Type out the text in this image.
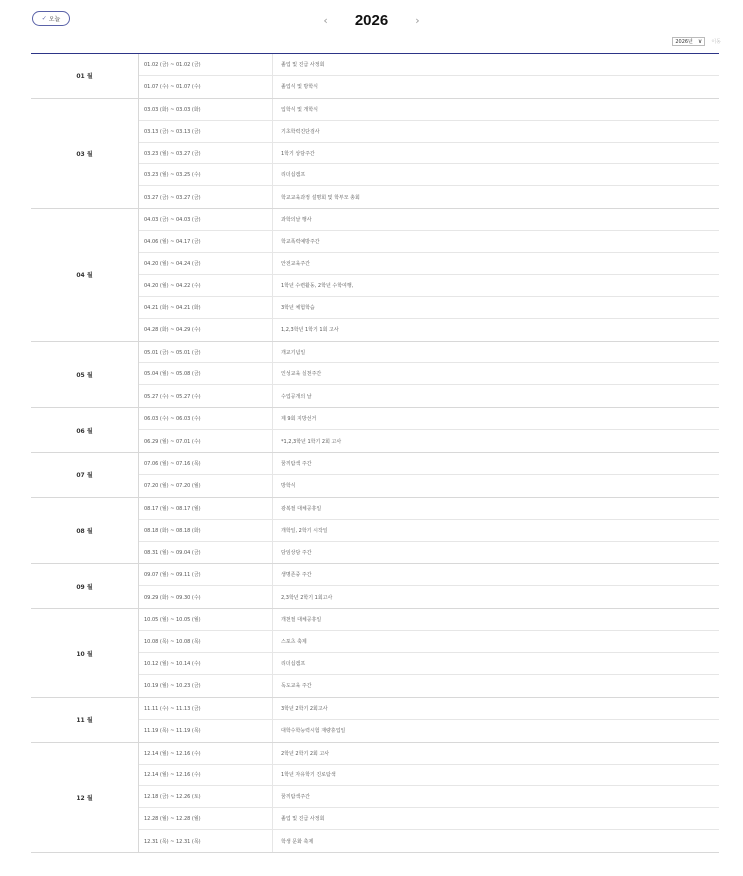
✓ 오늘	‹ 2026 ›
2026년 ∨ 이동
01 월
01.02 (금) ~ 01.02 (금)	졸업 및 진급 사정회
01.07 (수) ~ 01.07 (수)	졸업식 및 방학식
03 월
03.03 (화) ~ 03.03 (화)	입학식 및 개학식
03.13 (금) ~ 03.13 (금)	기초학력진단검사
03.23 (월) ~ 03.27 (금)	1학기 상담주간
03.23 (월) ~ 03.25 (수)	리더십캠프
03.27 (금) ~ 03.27 (금)	학교교육과정 설명회 및 학부모 총회
04 월
04.03 (금) ~ 04.03 (금)	과학의날 행사
04.06 (월) ~ 04.17 (금)	학교폭력예방주간
04.20 (월) ~ 04.24 (금)	안전교육주간
04.20 (월) ~ 04.22 (수)	1학년 수련활동, 2학년 수학여행,
04.21 (화) ~ 04.21 (화)	3학년 체험학습
04.28 (화) ~ 04.29 (수)	1,2,3학년 1학기 1회 고사
05 월
05.01 (금) ~ 05.01 (금)	개교기념일
05.04 (월) ~ 05.08 (금)	인성교육 실천주간
05.27 (수) ~ 05.27 (수)	수업공개의 날
06 월
06.03 (수) ~ 06.03 (수)	제 9회 지방선거
06.29 (월) ~ 07.01 (수)	*1,2,3학년 1학기 2회 고사
07 월
07.06 (월) ~ 07.16 (목)	꿈끼탐색 주간
07.20 (월) ~ 07.20 (월)	방학식
08 월
08.17 (월) ~ 08.17 (월)	광복절 대체공휴일
08.18 (화) ~ 08.18 (화)	개학일, 2학기 시작일
08.31 (월) ~ 09.04 (금)	담임상담 주간
09 월
09.07 (월) ~ 09.11 (금)	생명존중 주간
09.29 (화) ~ 09.30 (수)	2,3학년 2학기 1회고사
10 월
10.05 (월) ~ 10.05 (월)	개천절 대체공휴일
10.08 (목) ~ 10.08 (목)	스포츠 축제
10.12 (월) ~ 10.14 (수)	리더십캠프
10.19 (월) ~ 10.23 (금)	독도교육 주간
11 월
11.11 (수) ~ 11.13 (금)	3학년 2학기 2회고사
11.19 (목) ~ 11.19 (목)	대학수학능력시험 재량휴업일
12 월
12.14 (월) ~ 12.16 (수)	2학년 2학기 2회 고사
12.14 (월) ~ 12.16 (수)	1학년 자유학기 진로탐색
12.18 (금) ~ 12.26 (토)	꿈끼탐색주간
12.28 (월) ~ 12.28 (월)	졸업 및 진급 사정회
12.31 (목) ~ 12.31 (목)	학생 문화 축제
